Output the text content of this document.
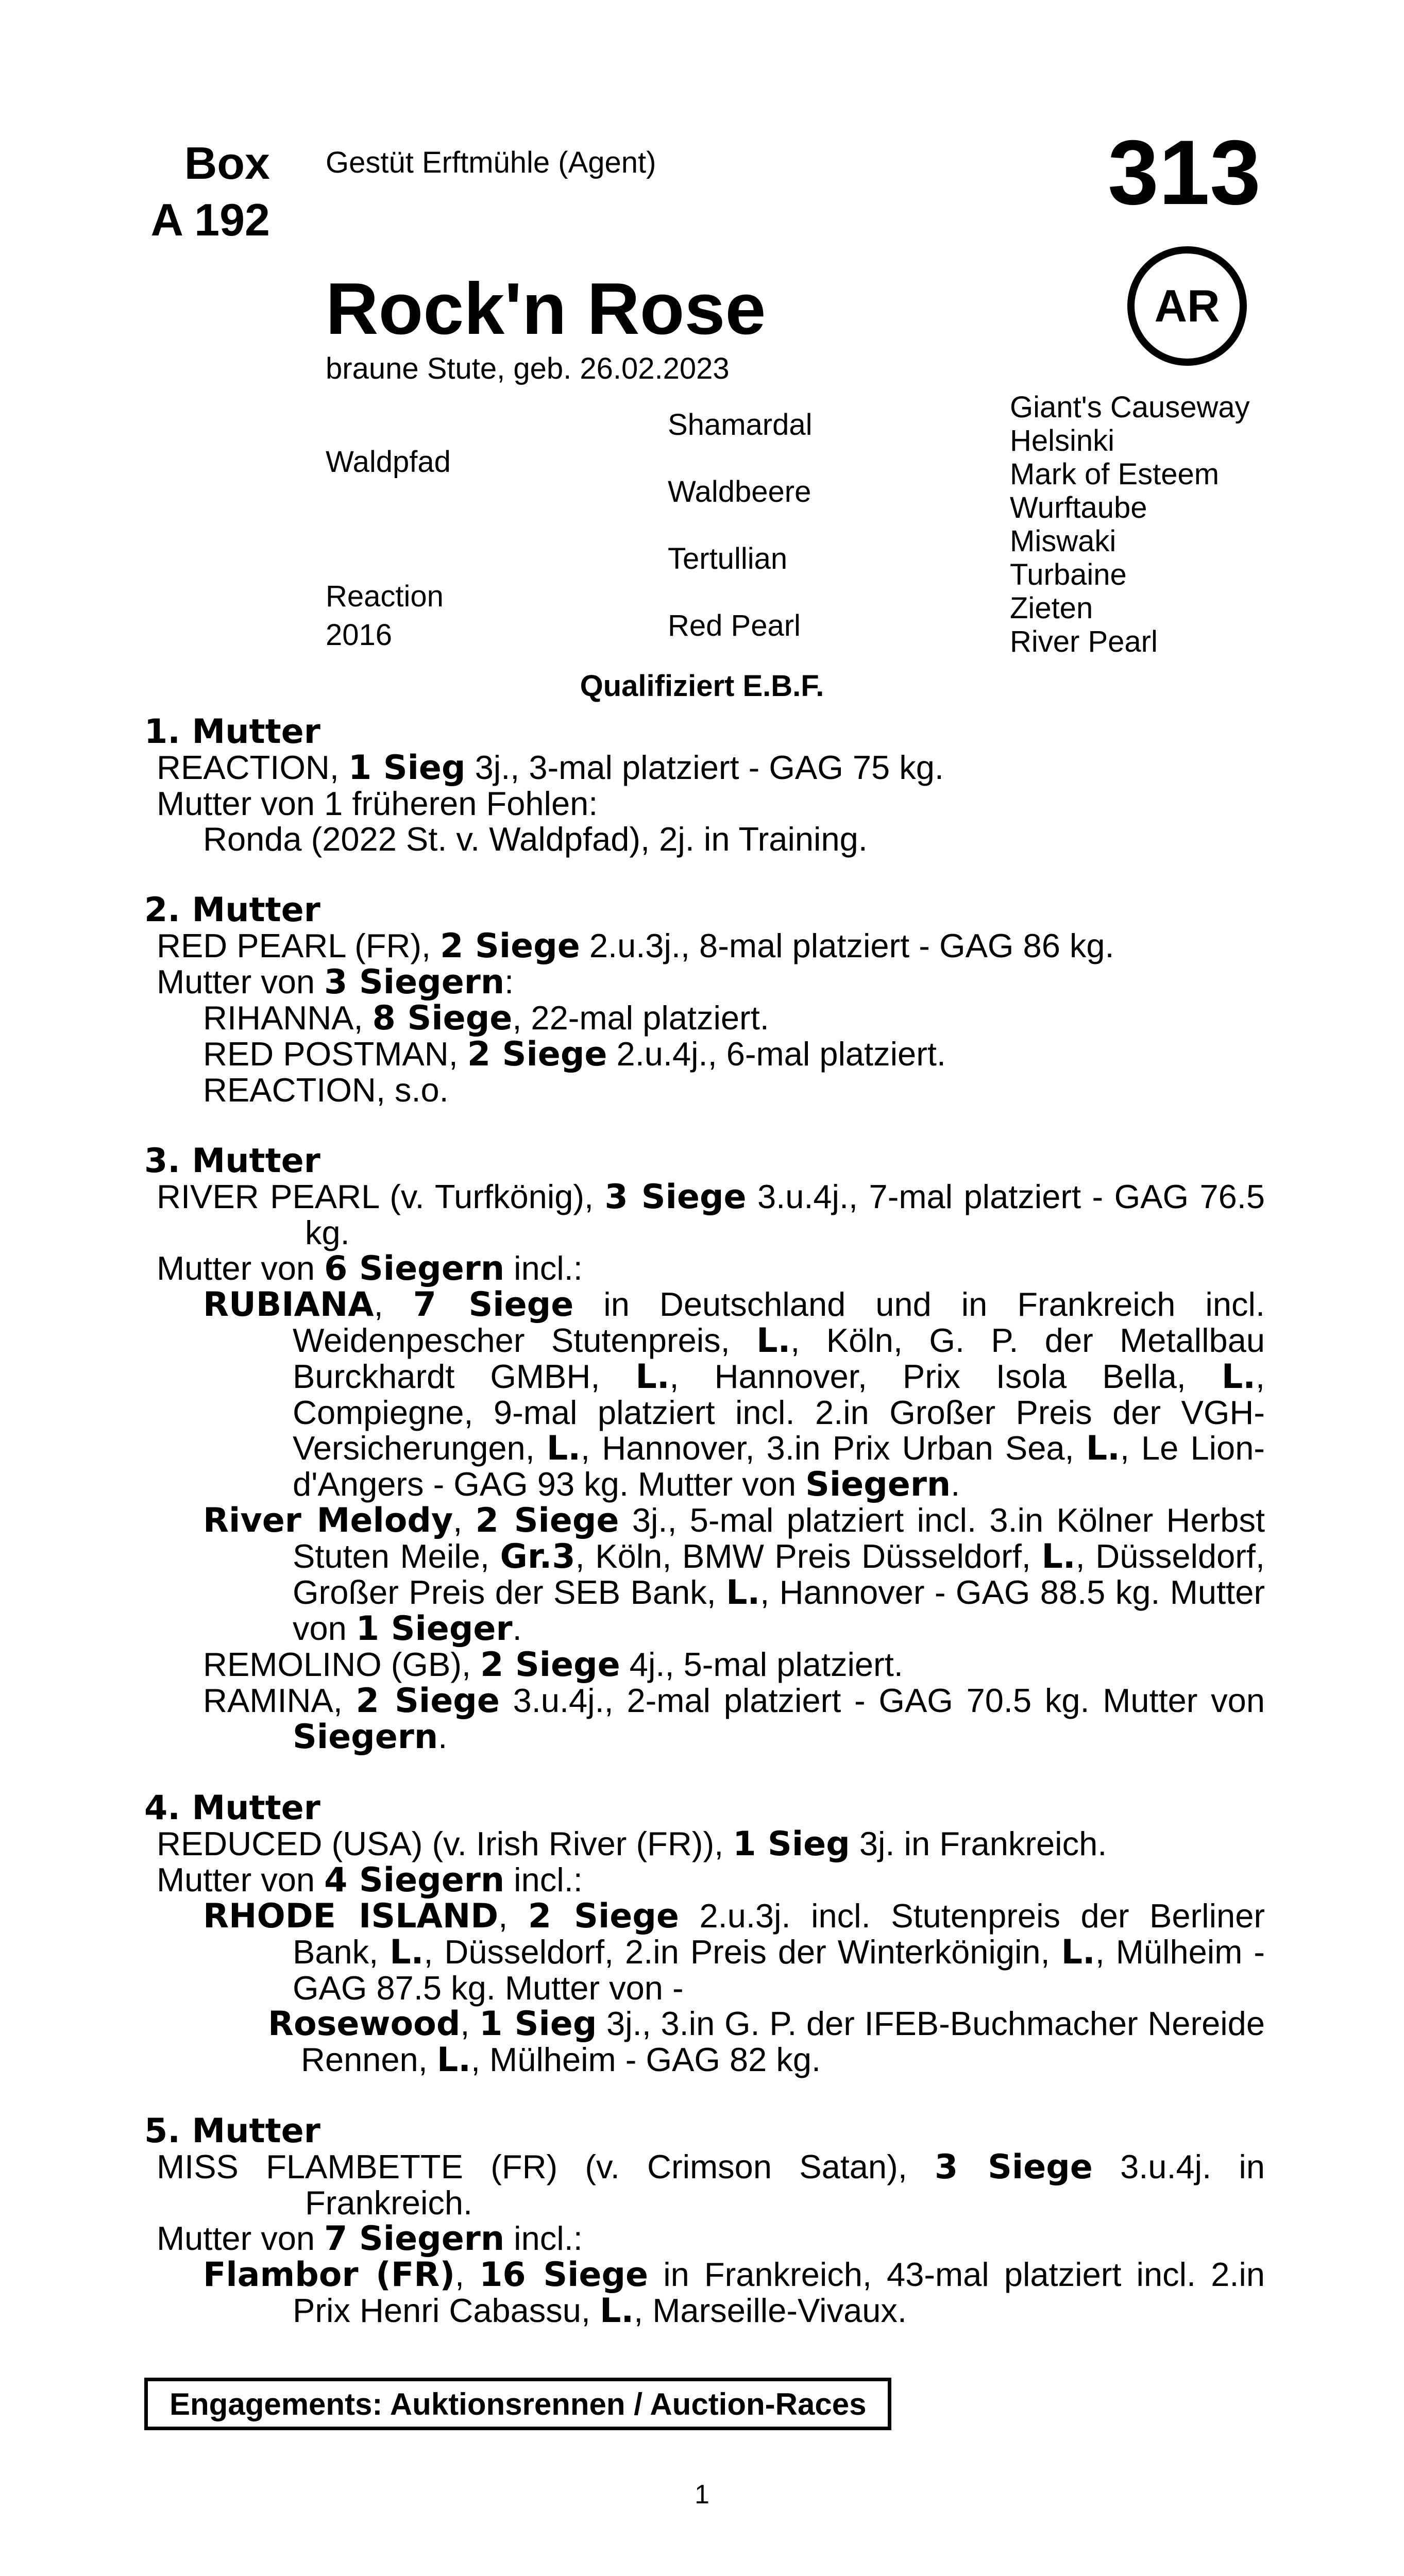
Box
A 192
Gestüt Erftmühle (Agent)	313
Rock'n Rose	AR
braune Stute, geb. 26.02.2023
Waldpfad
Reaction
2016
Shamardal
Waldbeere
Tertullian
Red Pearl
Giant's Causeway
Helsinki
Mark of Esteem
Wurftaube
Miswaki
Turbaine
Zieten
River Pearl
Qualifiziert E.B.F.
1. Mutter
REACTION, 1 Sieg 3j., 3-mal platziert - GAG 75 kg.
Mutter von 1 früheren Fohlen:
Ronda (2022 St. v. Waldpfad), 2j. in Training.
2. Mutter
RED PEARL (FR), 2 Siege 2.u.3j., 8-mal platziert - GAG 86 kg.
Mutter von 3 Siegern:
RIHANNA, 8 Siege, 22-mal platziert.
RED POSTMAN, 2 Siege 2.u.4j., 6-mal platziert.
REACTION, s.o.
3. Mutter
RIVER PEARL (v. Turfkönig), 3 Siege 3.u.4j., 7-mal platziert - GAG 76.5 kg.
Mutter von 6 Siegern incl.:
RUBIANA, 7 Siege in Deutschland und in Frankreich incl. Weidenpescher Stutenpreis, L., Köln, G. P. der Metallbau Burckhardt GMBH, L., Hannover, Prix Isola Bella, L., Compiegne, 9-mal platziert incl. 2.in Großer Preis der VGH-Versicherungen, L., Hannover, 3.in Prix Urban Sea, L., Le Lion-d'Angers - GAG 93 kg. Mutter von Siegern.
River Melody, 2 Siege 3j., 5-mal platziert incl. 3.in Kölner Herbst Stuten Meile, Gr.3, Köln, BMW Preis Düsseldorf, L., Düsseldorf, Großer Preis der SEB Bank, L., Hannover - GAG 88.5 kg. Mutter von 1 Sieger.
REMOLINO (GB), 2 Siege 4j., 5-mal platziert.
RAMINA, 2 Siege 3.u.4j., 2-mal platziert - GAG 70.5 kg. Mutter von Siegern.
4. Mutter
REDUCED (USA) (v. Irish River (FR)), 1 Sieg 3j. in Frankreich.
Mutter von 4 Siegern incl.:
RHODE ISLAND, 2 Siege 2.u.3j. incl. Stutenpreis der Berliner Bank, L., Düsseldorf, 2.in Preis der Winterkönigin, L., Mülheim - GAG 87.5 kg. Mutter von -
Rosewood, 1 Sieg 3j., 3.in G. P. der IFEB-Buchmacher Nereide Rennen, L., Mülheim - GAG 82 kg.
5. Mutter
MISS FLAMBETTE (FR) (v. Crimson Satan), 3 Siege 3.u.4j. in Frankreich.
Mutter von 7 Siegern incl.:
Flambor (FR), 16 Siege in Frankreich, 43-mal platziert incl. 2.in Prix Henri Cabassu, L., Marseille-Vivaux.
Engagements: Auktionsrennen / Auction-Races
1
